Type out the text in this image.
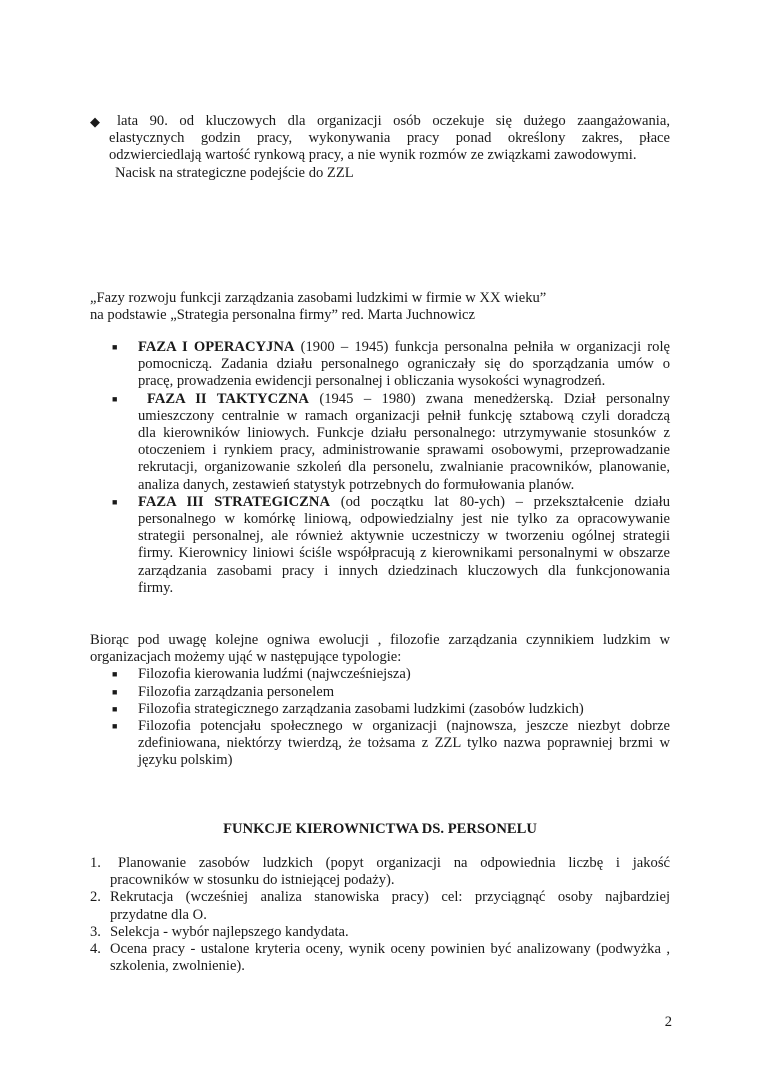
◆	lata 90. od kluczowych dla organizacji osób oczekuje się dużego zaangażowania,
elastycznych godzin pracy, wykonywania pracy ponad określony zakres, płace
odzwierciedlają wartość rynkową pracy, a nie wynik rozmów ze związkami zawodowymi.
Nacisk na strategiczne podejście do ZZL
„Fazy rozwoju funkcji zarządzania zasobami ludzkimi w firmie w XX wieku”
na podstawie „Strategia personalna firmy” red. Marta Juchnowicz
■ FAZA I OPERACYJNA (1900 – 1945) funkcja personalna pełniła w organizacji rolę
pomocniczą. Zadania działu personalnego ograniczały się do sporządzania umów o
pracę, prowadzenia ewidencji personalnej i obliczania wysokości wynagrodzeń.
■	FAZA II TAKTYCZNA (1945 – 1980) zwana menedżerską. Dział personalny
umieszczony centralnie w ramach organizacji pełnił funkcję sztabową czyli doradczą
dla kierowników liniowych. Funkcje działu personalnego: utrzymywanie stosunków z
otoczeniem i rynkiem pracy, administrowanie sprawami osobowymi, przeprowadzanie
rekrutacji, organizowanie szkoleń dla personelu, zwalnianie pracowników, planowanie,
analiza danych, zestawień statystyk potrzebnych do formułowania planów.
■ FAZA III STRATEGICZNA (od początku lat 80-ych) – przekształcenie działu
personalnego w komórkę liniową, odpowiedzialny jest nie tylko za opracowywanie
strategii personalnej, ale również aktywnie uczestniczy w tworzeniu ogólnej strategii
firmy. Kierownicy liniowi ściśle współpracują z kierownikami personalnymi w obszarze
zarządzania zasobami pracy i innych dziedzinach kluczowych dla funkcjonowania
firmy.
Biorąc pod uwagę kolejne ogniwa ewolucji , filozofie zarządzania czynnikiem ludzkim w
organizacjach możemy ująć w następujące typologie:
■ Filozofia kierowania ludźmi (najwcześniejsza)
■ Filozofia zarządzania personelem
■ Filozofia strategicznego zarządzania zasobami ludzkimi (zasobów ludzkich)
■ Filozofia potencjału społecznego w organizacji (najnowsza, jeszcze niezbyt dobrze
zdefiniowana, niektórzy twierdzą, że tożsama z ZZL tylko nazwa poprawniej brzmi w
języku polskim)
FUNKCJE KIEROWNICTWA DS. PERSONELU
1.	Planowanie zasobów ludzkich (popyt organizacji na odpowiednia liczbę i jakość
pracowników w stosunku do istniejącej podaży).
2. Rekrutacja (wcześniej analiza stanowiska pracy) cel: przyciągnąć osoby najbardziej
przydatne dla O.
3. Selekcja - wybór najlepszego kandydata.
4. Ocena pracy - ustalone kryteria oceny, wynik oceny powinien być analizowany (podwyżka ,
szkolenia, zwolnienie).
2
